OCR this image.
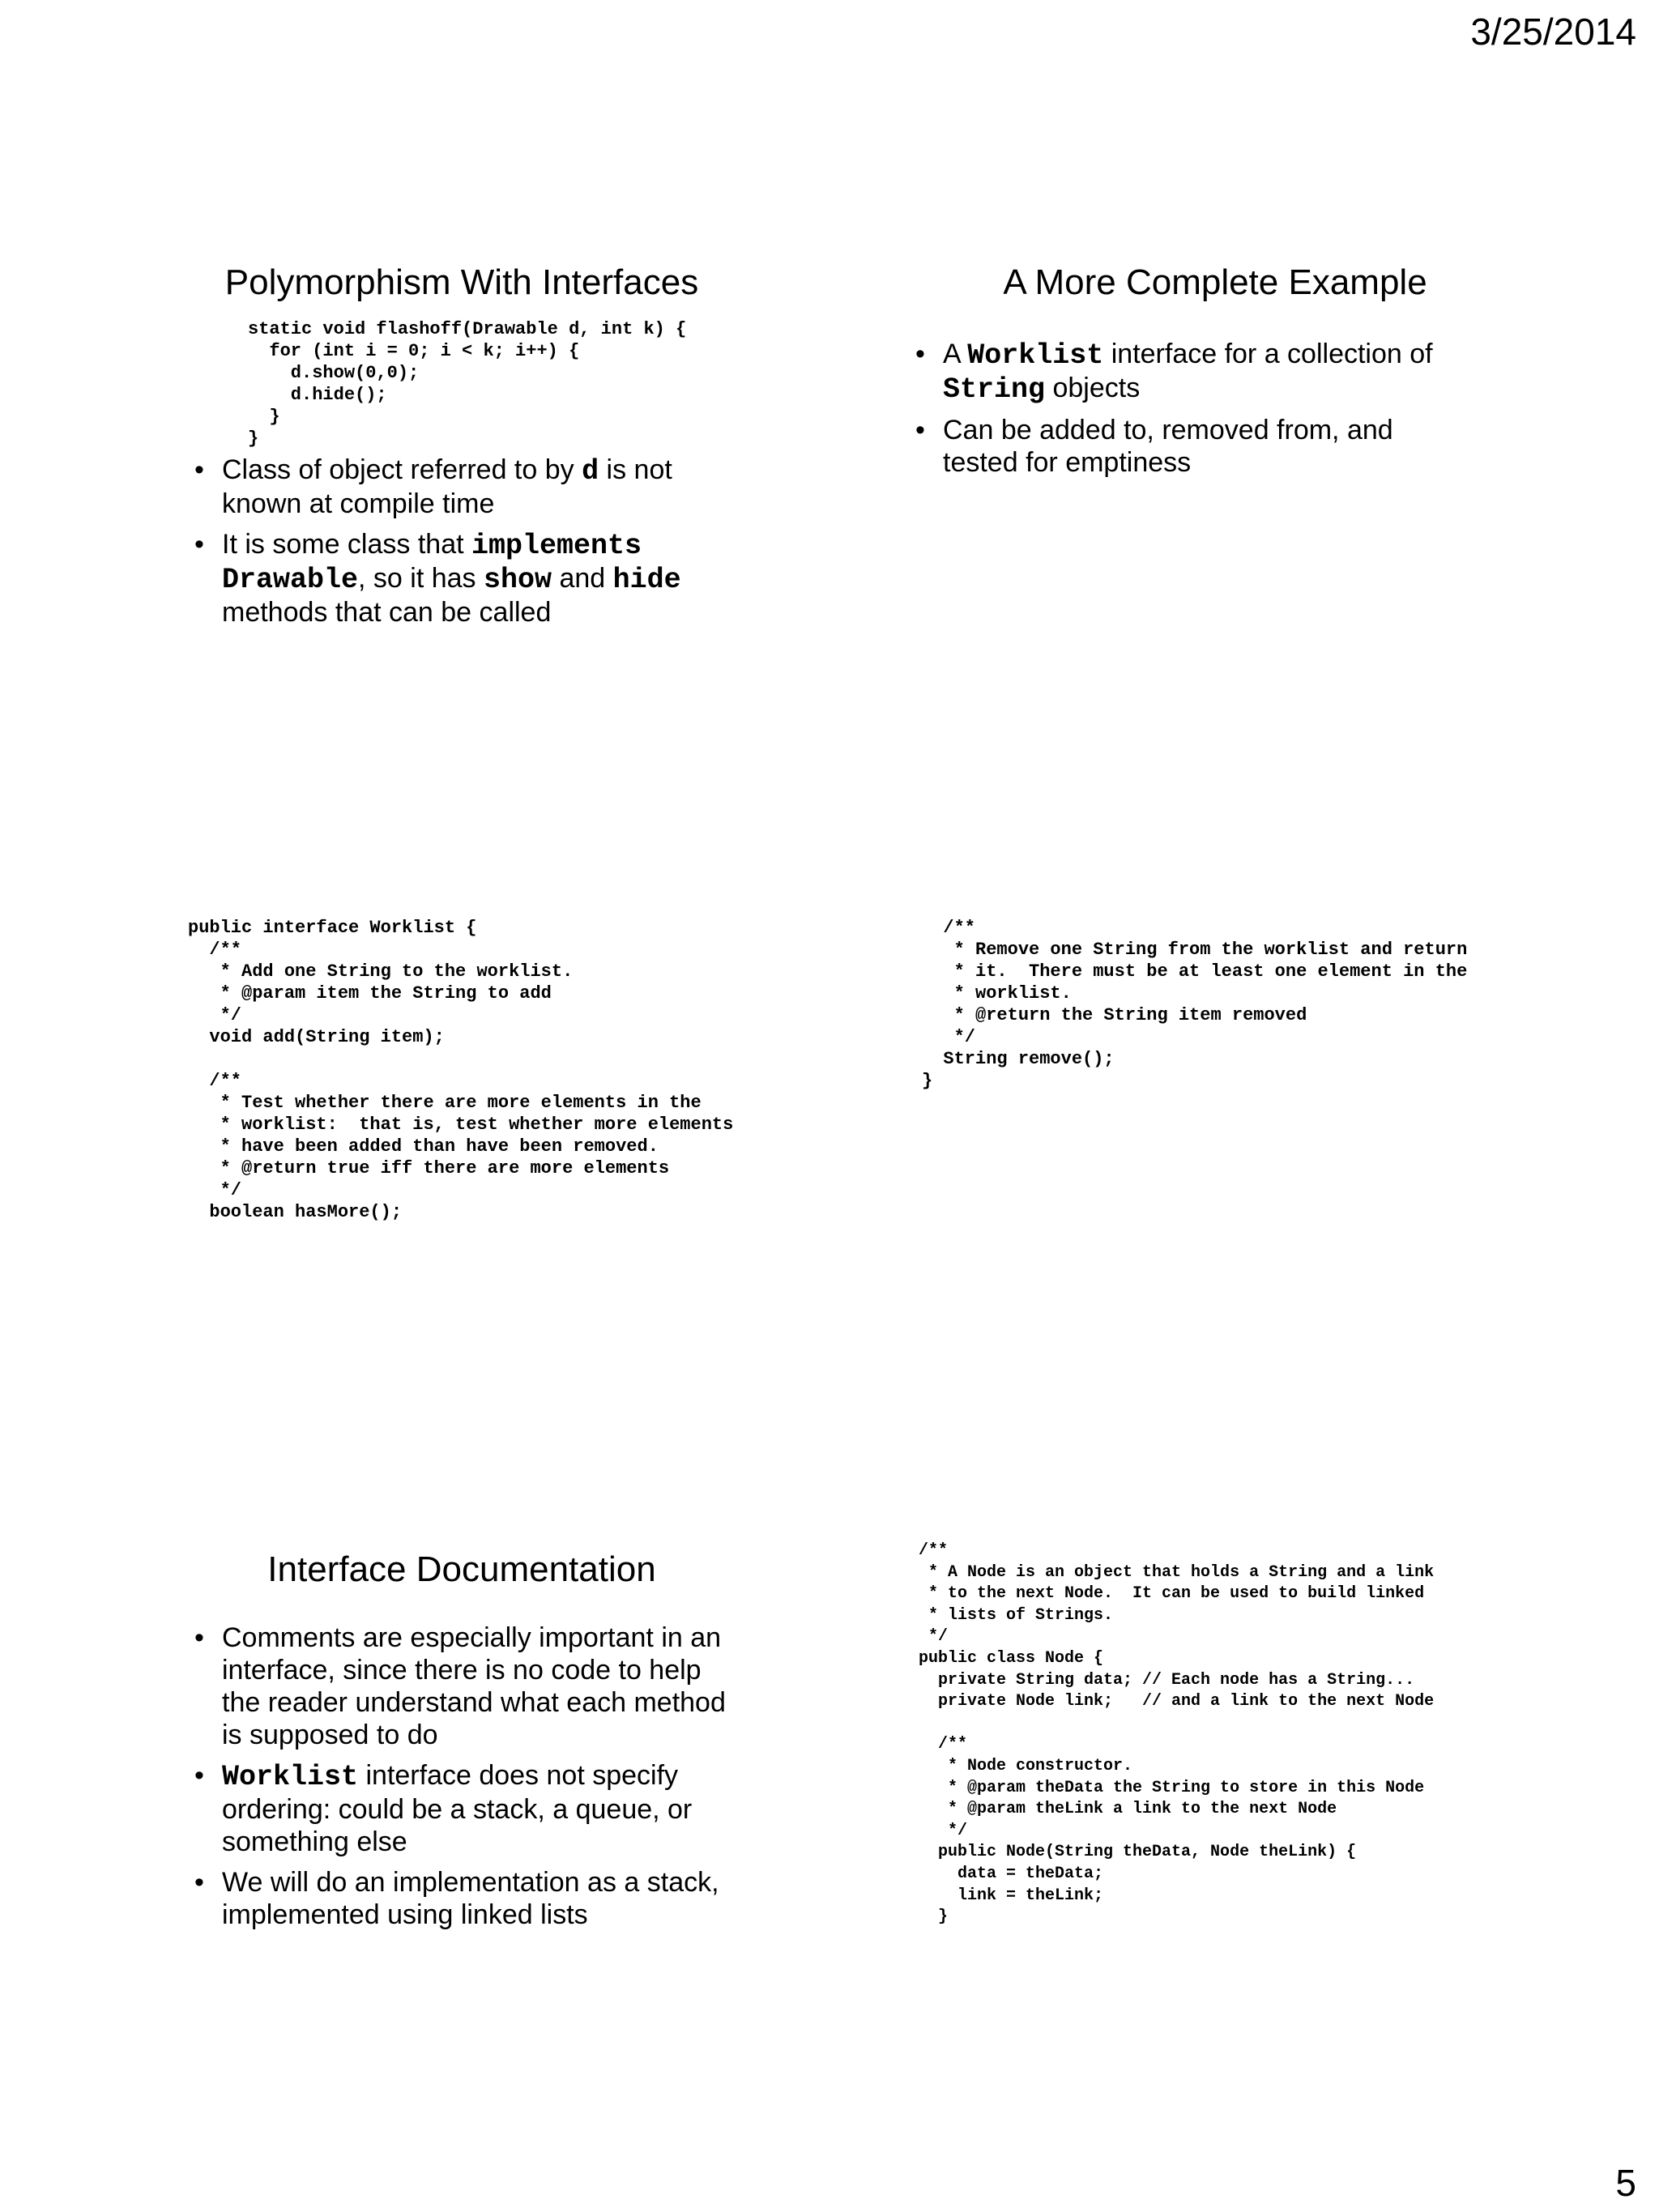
3/25/2014
5
Polymorphism With Interfaces
static void flashoff(Drawable d, int k) {
for (int i = 0; i < k; i++) {
d.show(0,0);
d.hide();
}
}
• Class of object referred to by d is not known at compile time
• It is some class that implements Drawable, so it has show and hide methods that can be called
A More Complete Example
• A Worklist interface for a collection of String objects
• Can be added to, removed from, and tested for emptiness
public interface Worklist {
/**
* Add one String to the worklist.
* @param item the String to add
*/
void add(String item);

/**
* Test whether there are more elements in the
* worklist:  that is, test whether more elements
* have been added than have been removed.
* @return true iff there are more elements
*/
boolean hasMore();
/**
* Remove one String from the worklist and return
* it.  There must be at least one element in the
* worklist.
* @return the String item removed
*/
String remove();
}
Interface Documentation
• Comments are especially important in an interface, since there is no code to help the reader understand what each method is supposed to do
• Worklist interface does not specify ordering: could be a stack, a queue, or something else
• We will do an implementation as a stack, implemented using linked lists
/**
* A Node is an object that holds a String and a link
* to the next Node.  It can be used to build linked
* lists of Strings.
*/
public class Node {
private String data; // Each node has a String...
private Node link;   // and a link to the next Node

/**
* Node constructor.
* @param theData the String to store in this Node
* @param theLink a link to the next Node
*/
public Node(String theData, Node theLink) {
data = theData;
link = theLink;
}
